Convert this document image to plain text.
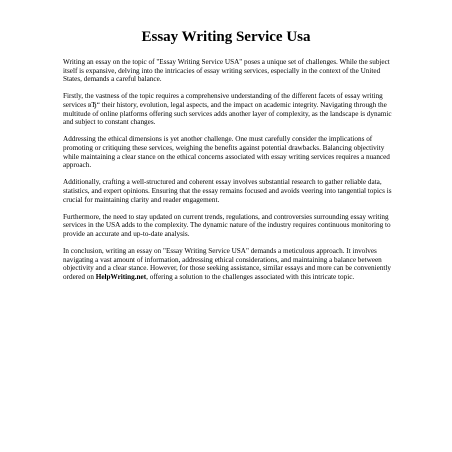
Essay Writing Service Usa

Writing an essay on the topic of "Essay Writing Service USA" poses a unique set of challenges. While the subject itself is expansive, delving into the intricacies of essay writing services, especially in the context of the United States, demands a careful balance.

Firstly, the vastness of the topic requires a comprehensive understanding of the different facets of essay writing services вЂ“ their history, evolution, legal aspects, and the impact on academic integrity. Navigating through the multitude of online platforms offering such services adds another layer of complexity, as the landscape is dynamic and subject to constant changes.

Addressing the ethical dimensions is yet another challenge. One must carefully consider the implications of promoting or critiquing these services, weighing the benefits against potential drawbacks. Balancing objectivity while maintaining a clear stance on the ethical concerns associated with essay writing services requires a nuanced approach.

Additionally, crafting a well-structured and coherent essay involves substantial research to gather reliable data, statistics, and expert opinions. Ensuring that the essay remains focused and avoids veering into tangential topics is crucial for maintaining clarity and reader engagement.

Furthermore, the need to stay updated on current trends, regulations, and controversies surrounding essay writing services in the USA adds to the complexity. The dynamic nature of the industry requires continuous monitoring to provide an accurate and up-to-date analysis.

In conclusion, writing an essay on "Essay Writing Service USA" demands a meticulous approach. It involves navigating a vast amount of information, addressing ethical considerations, and maintaining a balance between objectivity and a clear stance. However, for those seeking assistance, similar essays and more can be conveniently ordered on HelpWriting.net, offering a solution to the challenges associated with this intricate topic.
